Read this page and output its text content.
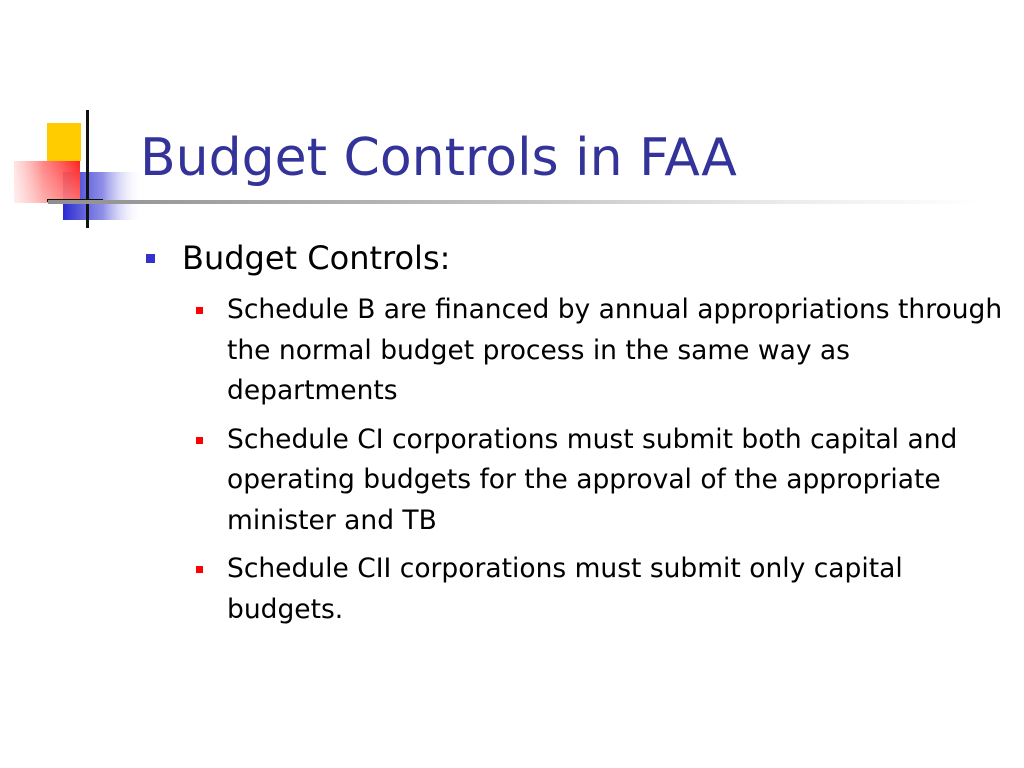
Budget Controls in FAA
Budget Controls:
Schedule B are financed by annual appropriations through the normal budget process in the same way as departments
Schedule CI corporations must submit both capital and operating budgets for the approval of the appropriate minister and TB
Schedule CII corporations must submit only capital budgets.
